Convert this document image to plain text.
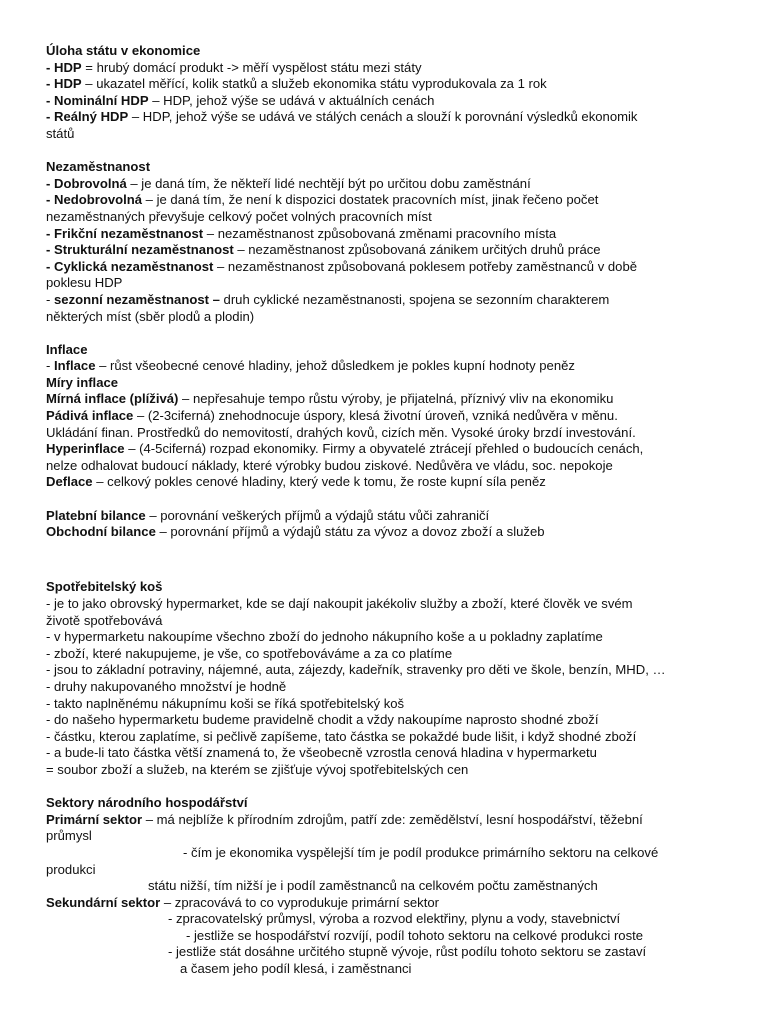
Úloha státu v ekonomice
- HDP = hrubý domácí produkt -> měří vyspělost státu mezi státy
- HDP – ukazatel měřící, kolik statků a služeb ekonomika státu vyprodukovala za 1 rok
- Nominální HDP – HDP, jehož výše se udává v aktuálních cenách
- Reálný HDP – HDP, jehož výše se udává ve stálých cenách a slouží k porovnání výsledků ekonomik
států
Nezaměstnanost
- Dobrovolná – je daná tím, že někteří lidé nechtějí být po určitou dobu zaměstnání
- Nedobrovolná – je daná tím, že není k dispozici dostatek pracovních míst, jinak řečeno počet
nezaměstnaných převyšuje celkový počet volných pracovních míst
- Frikční nezaměstnanost – nezaměstnanost způsobovaná změnami pracovního místa
- Strukturální nezaměstnanost – nezaměstnanost způsobovaná zánikem určitých druhů práce
- Cyklická nezaměstnanost – nezaměstnanost způsobovaná poklesem potřeby zaměstnanců v době
poklesu HDP
- sezonní nezaměstnanost – druh cyklické nezaměstnanosti, spojena se sezonním charakterem
některých míst (sběr plodů a plodin)
Inflace
- Inflace – růst všeobecné cenové hladiny, jehož důsledkem je pokles kupní hodnoty peněz
Míry inflace
Mírná inflace (plíživá) – nepřesahuje tempo růstu výroby, je přijatelná, příznivý vliv na ekonomiku
Pádivá inflace – (2-3ciferná) znehodnocuje úspory, klesá životní úroveň, vzniká nedůvěra v měnu.
Ukládání finan. Prostředků do nemovitostí, drahých kovů, cizích měn. Vysoké úroky brzdí investování.
Hyperinflace – (4-5ciferná) rozpad ekonomiky. Firmy a obyvatelé ztrácejí přehled o budoucích cenách,
nelze odhalovat budoucí náklady, které výrobky budou ziskové. Nedůvěra ve vládu, soc. nepokoje
Deflace – celkový pokles cenové hladiny, který vede k tomu, že roste kupní síla peněz
Platební bilance – porovnání veškerých příjmů a výdajů státu vůči zahraničí
Obchodní bilance – porovnání příjmů a výdajů státu za vývoz a dovoz zboží a služeb
Spotřebitelský koš
- je to jako obrovský hypermarket, kde se dají nakoupit jakékoliv služby a zboží, které člověk ve svém
životě spotřebovává
- v hypermarketu nakoupíme všechno zboží do jednoho nákupního koše a u pokladny zaplatíme
- zboží, které nakupujeme, je vše, co spotřebováváme a za co platíme
- jsou to základní potraviny, nájemné, auta, zájezdy, kadeřník, stravenky pro děti ve škole, benzín, MHD, …
- druhy nakupovaného množství je hodně
- takto naplněnému nákupnímu koši se říká spotřebitelský koš
- do našeho hypermarketu budeme pravidelně chodit a vždy nakoupíme naprosto shodné zboží
- částku, kterou zaplatíme, si pečlivě zapíšeme, tato částka se pokaždé bude lišit, i když shodné zboží
- a bude-li tato částka větší znamená to, že všeobecně vzrostla cenová hladina v hypermarketu
= soubor zboží a služeb, na kterém se zjišťuje vývoj spotřebitelských cen
Sektory národního hospodářství
Primární sektor – má nejblíže k přírodním zdrojům, patří zde: zemědělství, lesní hospodářství, těžební
průmysl
- čím je ekonomika vyspělejší tím je podíl produkce primárního sektoru na celkové
produkci
státu nižší, tím nižší je i podíl zaměstnanců na celkovém počtu zaměstnaných
Sekundární sektor – zpracovává to co vyprodukuje primární sektor
- zpracovatelský průmysl, výroba a rozvod elektřiny, plynu a vody, stavebnictví
- jestliže se hospodářství rozvíjí, podíl tohoto sektoru na celkové produkci roste
- jestliže stát dosáhne určitého stupně vývoje, růst podílu tohoto sektoru se zastaví
a časem jeho podíl klesá, i zaměstnanci
